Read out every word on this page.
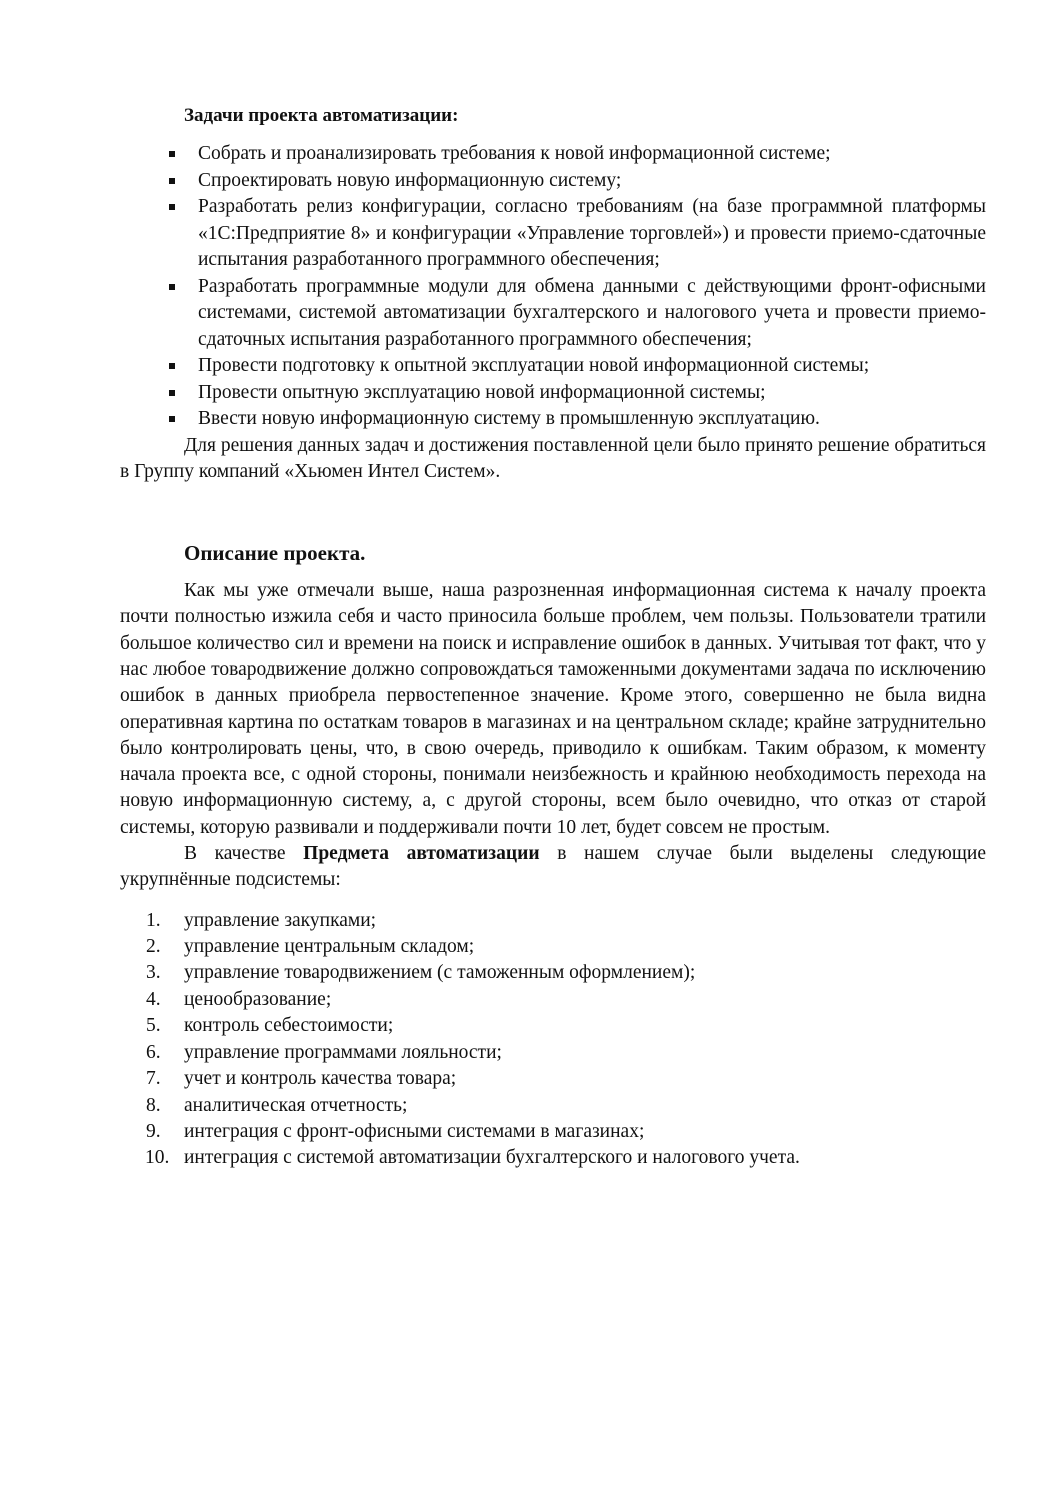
Задачи проекта автоматизации:
Собрать и проанализировать требования к новой информационной системе;
Спроектировать новую информационную систему;
Разработать релиз конфигурации, согласно требованиям (на базе программной платформы «1С:Предприятие 8» и конфигурации «Управление торговлей») и провести приемо-сдаточные испытания разработанного программного обеспечения;
Разработать программные модули для обмена данными с действующими фронт-офисными системами, системой автоматизации бухгалтерского и налогового учета и провести приемо-сдаточных испытания разработанного программного обеспечения;
Провести подготовку к опытной эксплуатации новой информационной системы;
Провести опытную эксплуатацию новой информационной системы;
Ввести новую информационную систему в промышленную эксплуатацию.

Для решения данных задач и достижения поставленной цели было принято решение обратиться в Группу компаний «Хьюмен Интел Систем».

Описание проекта.

Как мы уже отмечали выше, наша разрозненная информационная система к началу проекта почти полностью изжила себя и часто приносила больше проблем, чем пользы. Пользователи тратили большое количество сил и времени на поиск и исправление ошибок в данных. Учитывая тот факт, что у нас любое товародвижение должно сопровождаться таможенными документами задача по исключению ошибок в данных приобрела первостепенное значение. Кроме этого, совершенно не была видна оперативная картина по остаткам товаров в магазинах и на центральном складе; крайне затруднительно было контролировать цены, что, в свою очередь, приводило к ошибкам. Таким образом, к моменту начала проекта все, с одной стороны, понимали неизбежность и крайнюю необходимость перехода на новую информационную систему, а, с другой стороны, всем было очевидно, что отказ от старой системы, которую развивали и поддерживали почти 10 лет, будет совсем не простым.

В качестве Предмета автоматизации в нашем случае были выделены следующие укрупнённые подсистемы:

1.	управление закупками;
2.	управление центральным складом;
3.	управление товародвижением (с таможенным оформлением);
4.	ценообразование;
5.	контроль себестоимости;
6.	управление программами лояльности;
7.	учет и контроль качества товара;
8.	аналитическая отчетность;
9.	интеграция с фронт-офисными системами в магазинах;
10. интеграция с системой автоматизации бухгалтерского и налогового учета.
